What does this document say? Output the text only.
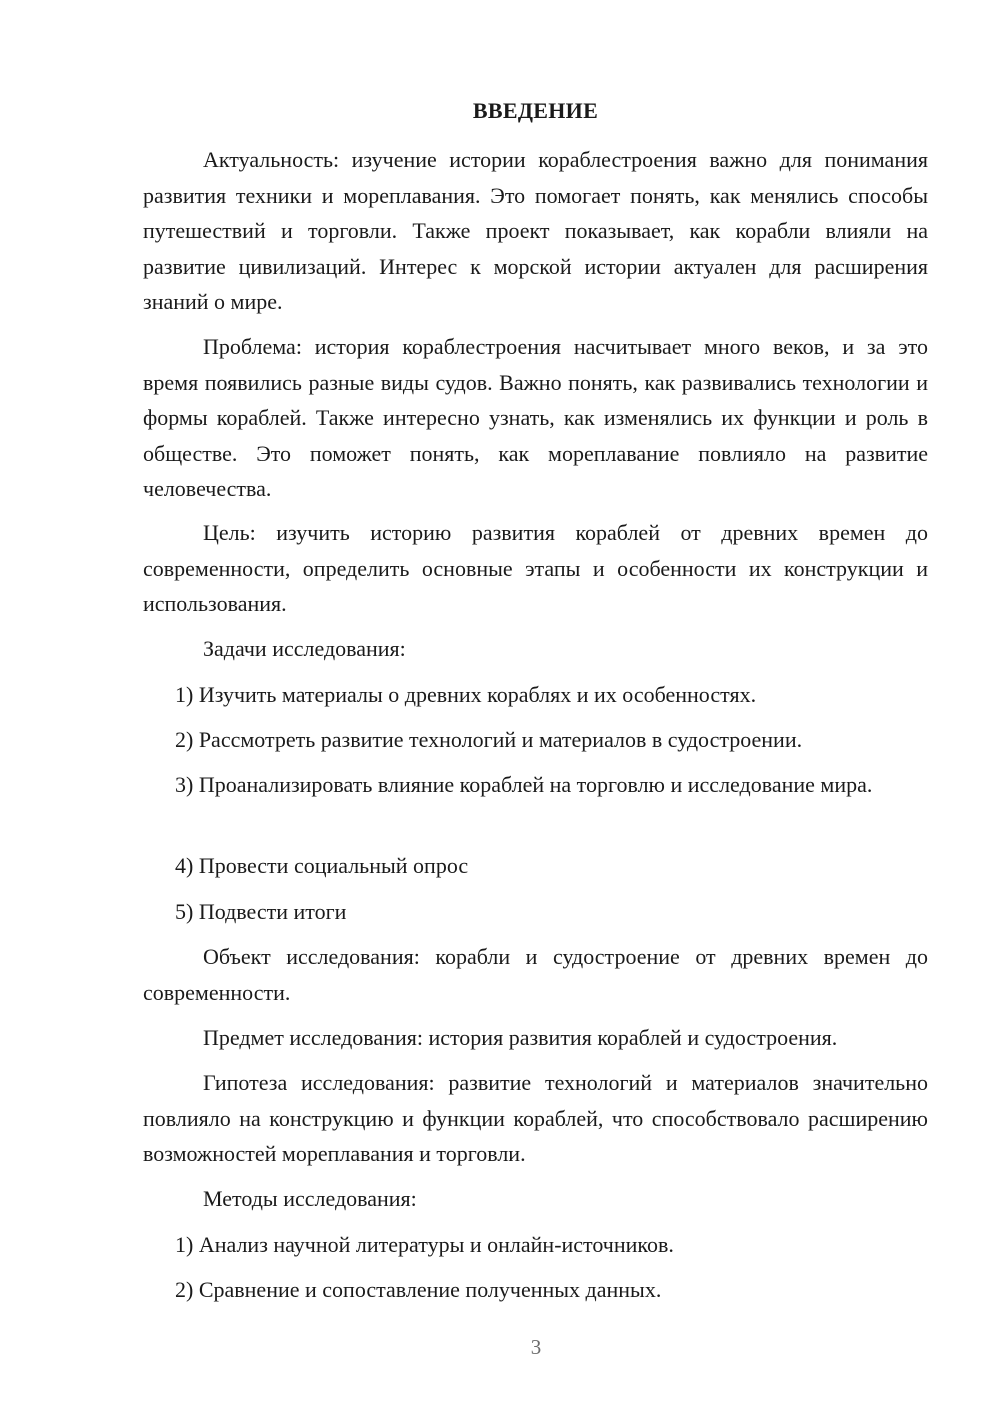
ВВЕДЕНИЕ

Актуальность: изучение истории кораблестроения важно для понимания развития техники и мореплавания. Это помогает понять, как менялись способы путешествий и торговли. Также проект показывает, как корабли влияли на развитие цивилизаций. Интерес к морской истории актуален для расширения знаний о мире.

Проблема: история кораблестроения насчитывает много веков, и за это время появились разные виды судов. Важно понять, как развивались технологии и формы кораблей. Также интересно узнать, как изменялись их функции и роль в обществе. Это поможет понять, как мореплавание повлияло на развитие человечества.

Цель: изучить историю развития кораблей от древних времен до современности, определить основные этапы и особенности их конструкции и использования.

Задачи исследования:

1) Изучить материалы о древних кораблях и их особенностях.

2) Рассмотреть развитие технологий и материалов в судостроении.

3) Проанализировать влияние кораблей на торговлю и исследование мира.

4) Провести социальный опрос

5) Подвести итоги

Объект исследования: корабли и судостроение от древних времен до современности.

Предмет исследования: история развития кораблей и судостроения.

Гипотеза исследования: развитие технологий и материалов значительно повлияло на конструкцию и функции кораблей, что способствовало расширению возможностей мореплавания и торговли.

Методы исследования:

1) Анализ научной литературы и онлайн-источников.

2) Сравнение и сопоставление полученных данных.

3
